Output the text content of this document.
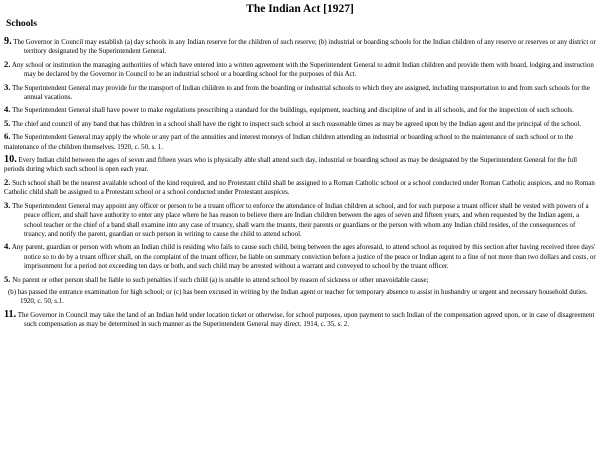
The Indian Act [1927]
Schools
9. The Governor in Council may establish (a) day schools in any Indian reserve for the children of such reserve; (b) industrial or boarding schools for the Indian children of any reserve or reserves or any district or territory designated by the Superintendent General.
2. Any school or institution the managing authorities of which have entered into a written agreement with the Superintendent General to admit Indian children and provide them with board, lodging and instruction may be declared by the Governor in Council to be an industrial school or a boarding school for the purposes of this Act.
3. The Superintendent General may provide for the transport of Indian children to and from the boarding or industrial schools to which they are assigned, including transportation to and from such schools for the annual vacations.
4. The Superintendent General shall have power to make regulations prescribing a standard for the buildings, equipment, teaching and discipline of and in all schools, and for the inspection of such schools.
5. The chief and council of any band that has children in a school shall have the right to inspect such school at such reasonable times as may be agreed upon by the Indian agent and the principal of the school.
6. The Superintendent General may apply the whole or any part of the annuities and interest moneys of Indian children attending an industrial or boarding school to the maintenance of such school or to the maintenance of the children themselves. 1920, c. 50, s. 1.
10. Every Indian child between the ages of seven and fifteen years who is physically able shall attend such day, industrial or boarding school as may be designated by the Superintendent General for the full periods during which such school is open each year.
2. Such school shall be the nearest available school of the kind required, and no Protestant child shall be assigned to a Roman Catholic school or a school conducted under Roman Catholic auspices, and no Roman Catholic child shall be assigned to a Protestant school or a school conducted under Protestant auspices.
3. The Superintendent General may appoint any officer or person to be a truant officer to enforce the attendance of Indian children at school, and for such purpose a truant officer shall be vested with powers of a peace officer, and shall have authority to enter any place where he has reason to believe there are Indian children between the ages of seven and fifteen years, and when requested by the Indian agent, a school teacher or the chief of a band shall examine into any case of truancy, shall warn the truants, their parents or guardians or the person with whom any Indian child resides, of the consequences of truancy, and notify the parent, guardian or such person in writing to cause the child to attend school.
4. Any parent, guardian or person with whom an Indian child is residing who fails to cause such child, being between the ages aforesaid, to attend school as required by this section after having received three days' notice so to do by a truant officer shall, on the complaint of the truant officer, be liable on summary conviction before a justice of the peace or Indian agent to a fine of not more than two dollars and costs, or imprisonment for a period not exceeding ten days or both, and such child may be arrested without a warrant and conveyed to school by the truant officer.
5. No parent or other person shall be liable to such penalties if such child (a) is unable to attend school by reason of sickness or other unavoidable cause;
(b) has passed the entrance examination for high school; or (c) has been excused in writing by the Indian agent or teacher for temporary absence to assist in husbandry or urgent and necessary household duties. 1920, c. 50, s.1.
11. The Governor in Council may take the land of an Indian held under location ticket or otherwise, for school purposes, upon payment to such Indian of the compensation agreed upon, or in case of disagreement such compensation as may be determined in such manner as the Superintendent General may direct. 1914, c. 35, s. 2.
